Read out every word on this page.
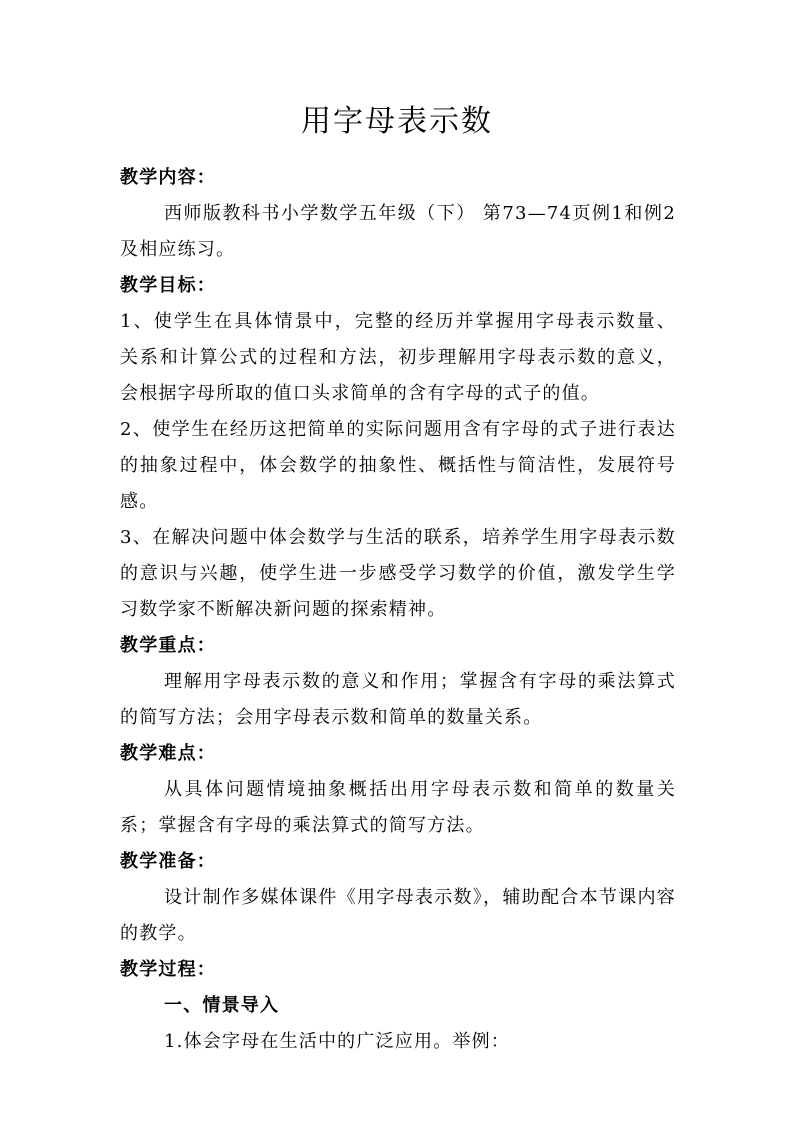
用字母表示数

教学内容：

西师版教科书小学数学五年级（下） 第73—74页例1和例2及相应练习。

教学目标：

1、使学生在具体情景中，完整的经历并掌握用字母表示数量、 关系和计算公式的过程和方法，初步理解用字母表示数的意义，会根据字母所取的值口头求简单的含有字母的式子的值。

2、使学生在经历这把简单的实际问题用含有字母的式子进行表达的抽象过程中，体会数学的抽象性、概括性与简洁性，发展符号感。

3、在解决问题中体会数学与生活的联系，培养学生用字母表示数的意识与兴趣，使学生进一步感受学习数学的价值，激发学生学习数学家不断解决新问题的探索精神。

教学重点：

理解用字母表示数的意义和作用；掌握含有字母的乘法算式的简写方法；会用字母表示数和简单的数量关系。

教学难点：

从具体问题情境抽象概括出用字母表示数和简单的数量关系；掌握含有字母的乘法算式的简写方法。

教学准备：

设计制作多媒体课件《用字母表示数》，辅助配合本节课内容的教学。

教学过程：

一、情景导入

1.体会字母在生活中的广泛应用。举例：
